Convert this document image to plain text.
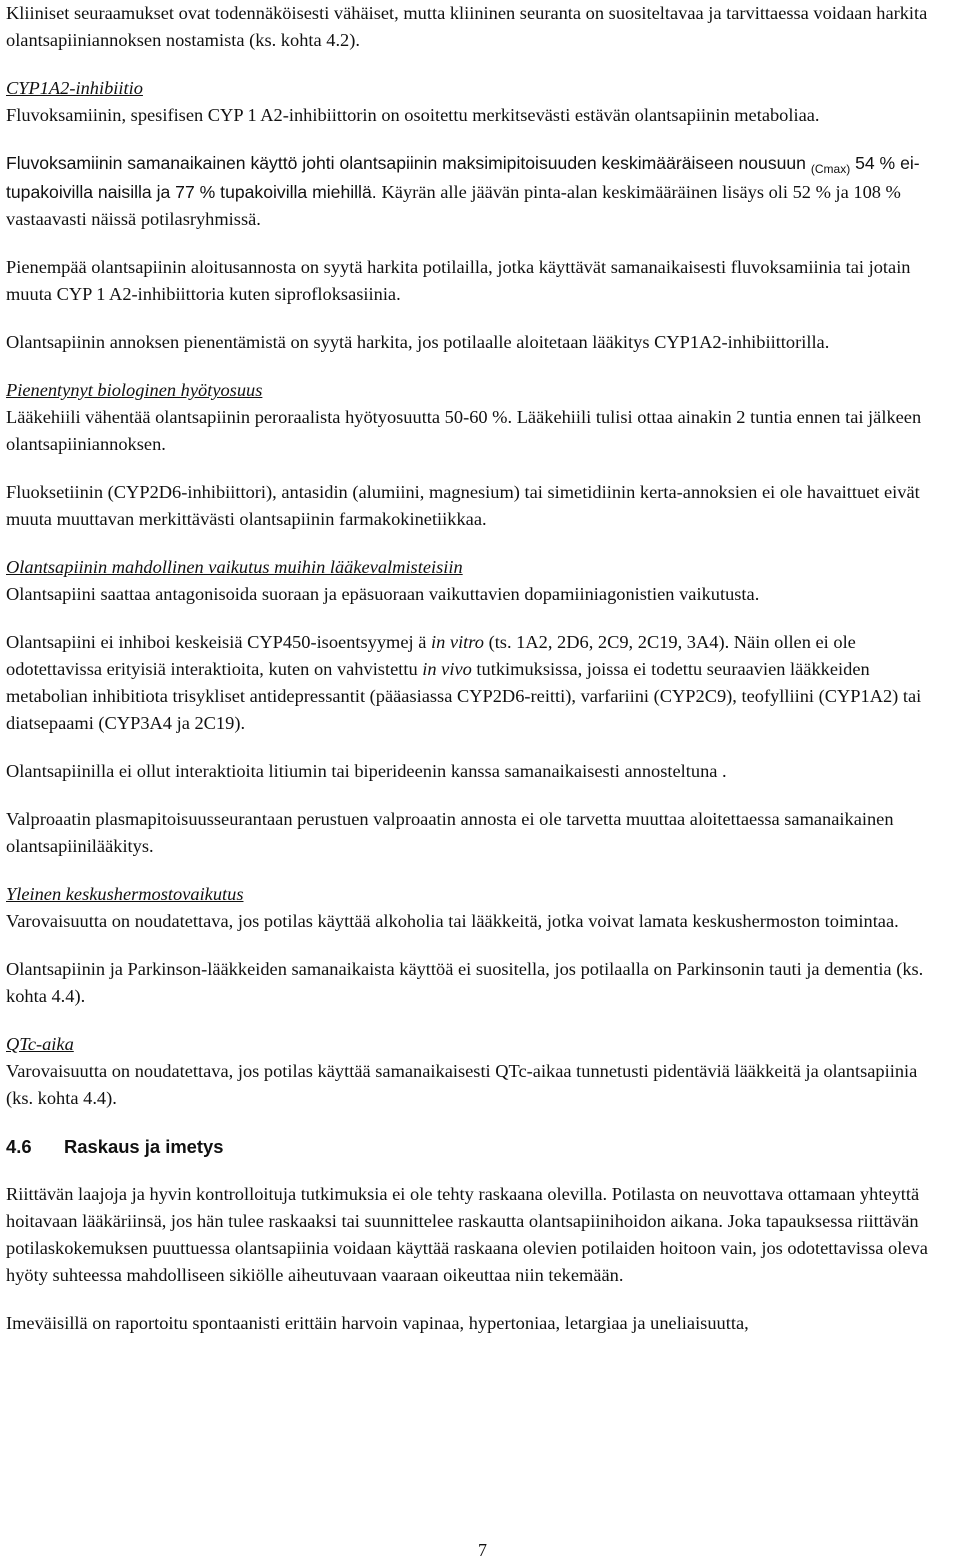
Kliiniset seuraamukset ovat todennäköisesti vähäiset, mutta kliininen seuranta on suositeltavaa ja tarvittaessa voidaan harkita olantsapiiniannoksen nostamista (ks. kohta 4.2).

CYP1A2-inhibiitio
Fluvoksamiinin, spesifisen CYP 1 A2-inhibiittorin on osoitettu merkitsevästi estävän olantsapiinin metaboliaa.

Fluvoksamiinin samanaikainen käyttö johti olantsapiinin maksimipitoisuuden keskimääräiseen nousuun $_{(Cmax)}$ 54 % ei-tupakoivilla naisilla ja 77 % tupakoivilla miehillä. Käyrän alle jäävän pinta-alan keskimääräinen lisäys oli 52 % ja 108 % vastaavasti näissä potilasryhmissä.

Pienempää olantsapiinin aloitusannosta on syytä harkita potilailla, jotka käyttävät samanaikaisesti fluvoksamiinia tai jotain muuta CYP 1 A2-inhibiittoria kuten siprofloksasiinia.

Olantsapiinin annoksen pienentämistä on syytä harkita, jos potilaalle aloitetaan lääkitys CYP1A2-inhibiittorilla.

Pienentynyt biologinen hyötyosuus
Lääkehiili vähentää olantsapiinin peroraalista hyötyosuutta 50-60 %. Lääkehiili tulisi ottaa ainakin 2 tuntia ennen tai jälkeen olantsapiiniannoksen.

Fluoksetiinin (CYP2D6-inhibiittori), antasidin (alumiini, magnesium) tai simetidiinin kerta-annoksien ei ole havaittuet eivät muuta muuttavan merkittävästi olantsapiinin farmakokinetiikkaa.

Olantsapiinin mahdollinen vaikutus muihin lääkevalmisteisiin
Olantsapiini saattaa antagonisoida suoraan ja epäsuoraan vaikuttavien dopamiiniagonistien vaikutusta.

Olantsapiini ei inhiboi keskeisiä CYP450-isoentsyymej ä in vitro (ts. 1A2, 2D6, 2C9, 2C19, 3A4). Näin ollen ei ole odotettavissa erityisiä interaktioita, kuten on vahvistettu in vivo tutkimuksissa, joissa ei todettu seuraavien lääkkeiden metabolian inhibitiota trisykliset antidepressantit (pääasiassa CYP2D6-reitti), varfariini (CYP2C9), teofylliini (CYP1A2) tai diatsepaami (CYP3A4 ja 2C19).

Olantsapiinilla ei ollut interaktioita litiumin tai biperideenin kanssa samanaikaisesti annosteltuna .

Valproaatin plasmapitoisuusseurantaan perustuen valproaatin annosta ei ole tarvetta muuttaa aloitettaessa samanaikainen olantsapiinilääkitys.

Yleinen keskushermostovaikutus
Varovaisuutta on noudatettava, jos potilas käyttää alkoholia tai lääkkeitä, jotka voivat lamata keskushermoston toimintaa.

Olantsapiinin ja Parkinson-lääkkeiden samanaikaista käyttöä ei suositella, jos potilaalla on Parkinsonin tauti ja dementia (ks. kohta 4.4).

QTc-aika
Varovaisuutta on noudatettava, jos potilas käyttää samanaikaisesti QTc-aikaa tunnetusti pidentäviä lääkkeitä ja olantsapiinia (ks. kohta 4.4).

4.6 Raskaus ja imetys

Riittävän laajoja ja hyvin kontrolloituja tutkimuksia ei ole tehty raskaana olevilla. Potilasta on neuvottava ottamaan yhteyttä hoitavaan lääkäriinsä, jos hän tulee raskaaksi tai suunnittelee raskautta olantsapiinihoidon aikana. Joka tapauksessa riittävän potilaskokemuksen puuttuessa olantsapiinia voidaan käyttää raskaana olevien potilaiden hoitoon vain, jos odotettavissa oleva hyöty suhteessa mahdolliseen sikiölle aiheutuvaan vaaraan oikeuttaa niin tekemään.

Imeväisillä on raportoitu spontaanisti erittäin harvoin vapinaa, hypertoniaa, letargiaa ja uneliaisuutta,

7
